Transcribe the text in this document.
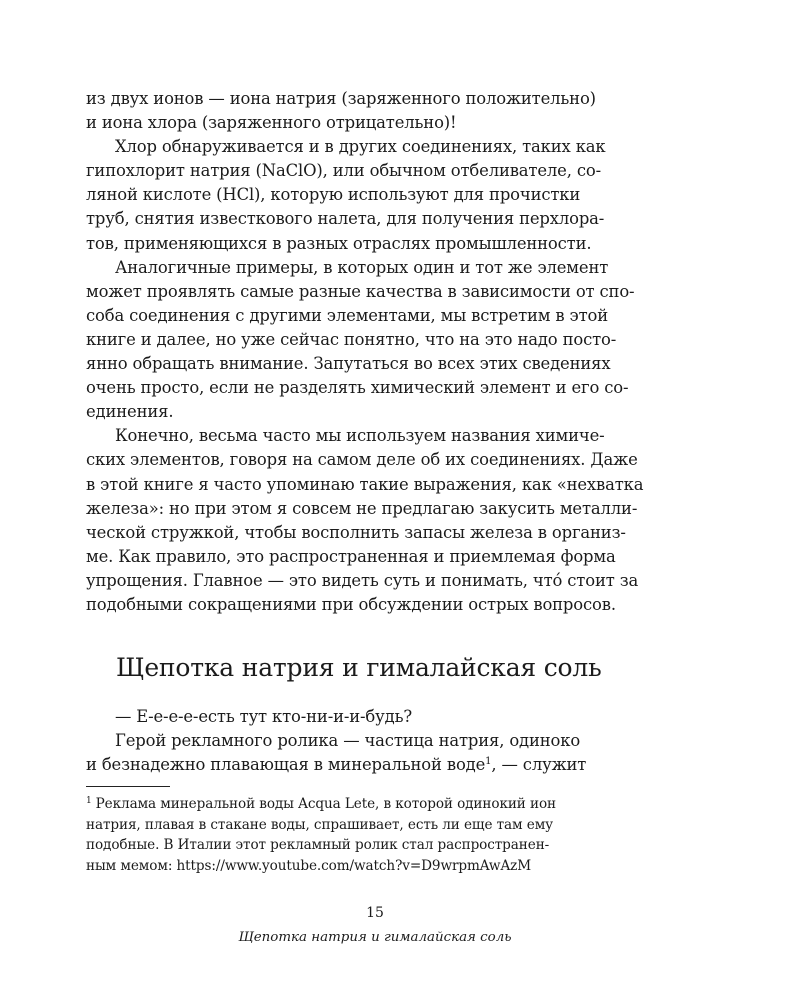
из двух ионов — иона натрия (заряженного положительно)
и иона хлора (заряженного отрицательно)!

Хлор обнаруживается и в других соединениях, таких как
гипохлорит натрия (NaClO), или обычном отбеливателе, со-
ляной кислоте (HCl), которую используют для прочистки
труб, снятия известкового налета, для получения перхлора-
тов, применяющихся в разных отраслях промышленности.

Аналогичные примеры, в которых один и тот же элемент
может проявлять самые разные качества в зависимости от спо-
соба соединения с другими элементами, мы встретим в этой
книге и далее, но уже сейчас понятно, что на это надо посто-
янно обращать внимание. Запутаться во всех этих сведениях
очень просто, если не разделять химический элемент и его со-
единения.

Конечно, весьма часто мы используем названия химиче-
ских элементов, говоря на самом деле об их соединениях. Даже
в этой книге я часто упоминаю такие выражения, как «нехватка
железа»: но при этом я совсем не предлагаю закусить металли-
ческой стружкой, чтобы восполнить запасы железа в организ-
ме. Как правило, это распространенная и приемлемая форма
упрощения. Главное — это видеть суть и понимать, что́ стоит за
подобными сокращениями при обсуждении острых вопросов.

Щепотка натрия и гималайская соль

— Е-е-е-е-есть тут кто-ни-и-и-будь?

Герой рекламного ролика — частица натрия, одиноко
и безнадежно плавающая в минеральной воде$^1$, — служит

$^1$ Реклама минеральной воды Acqua Lete, в которой одинокий ион
натрия, плавая в стакане воды, спрашивает, есть ли еще там ему
подобные. В Италии этот рекламный ролик стал распространен-
ным мемом: https://www.youtube.com/watch?v=D9wrpmAwAzM

15
Щепотка натрия и гималайская соль
